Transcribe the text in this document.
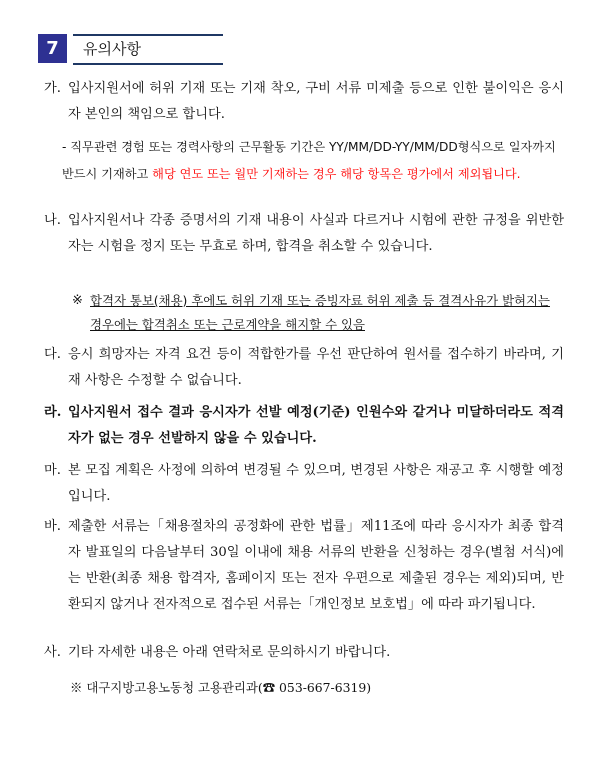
7	유의사항
가. 입사지원서에 허위 기재 또는 기재 착오, 구비 서류 미제출 등으로 인한 불이익은 응시자 본인의 책임으로 합니다.
- 직무관련 경험 또는 경력사항의 근무활동 기간은 YY/MM/DD-YY/MM/DD형식으로 일자까지 반드시 기재하고 해당 연도 또는 월만 기재하는 경우 해당 항목은 평가에서 제외됩니다.
나. 입사지원서나 각종 증명서의 기재 내용이 사실과 다르거나 시험에 관한 규정을 위반한 자는 시험을 정지 또는 무효로 하며, 합격을 취소할 수 있습니다.
※ 합격자 통보(채용) 후에도 허위 기재 또는 증빙자료 허위 제출 등 결격사유가 밝혀지는 경우에는 합격취소 또는 근로계약을 해지할 수 있음
다. 응시 희망자는 자격 요건 등이 적합한가를 우선 판단하여 원서를 접수하기 바라며, 기재 사항은 수정할 수 없습니다.
라. 입사지원서 접수 결과 응시자가 선발 예정(기준) 인원수와 같거나 미달하더라도 적격자가 없는 경우 선발하지 않을 수 있습니다.
마. 본 모집 계획은 사정에 의하여 변경될 수 있으며, 변경된 사항은 재공고 후 시행할 예정입니다.
바. 제출한 서류는「채용절차의 공정화에 관한 법률」제11조에 따라 응시자가 최종 합격자 발표일의 다음날부터 30일 이내에 채용 서류의 반환을 신청하는 경우(별첨 서식)에는 반환(최종 채용 합격자, 홈페이지 또는 전자 우편으로 제출된 경우는 제외)되며, 반환되지 않거나 전자적으로 접수된 서류는「개인정보 보호법」에 따라 파기됩니다.
사. 기타 자세한 내용은 아래 연락처로 문의하시기 바랍니다.
※ 대구지방고용노동청 고용관리과(☎ 053-667-6319)
